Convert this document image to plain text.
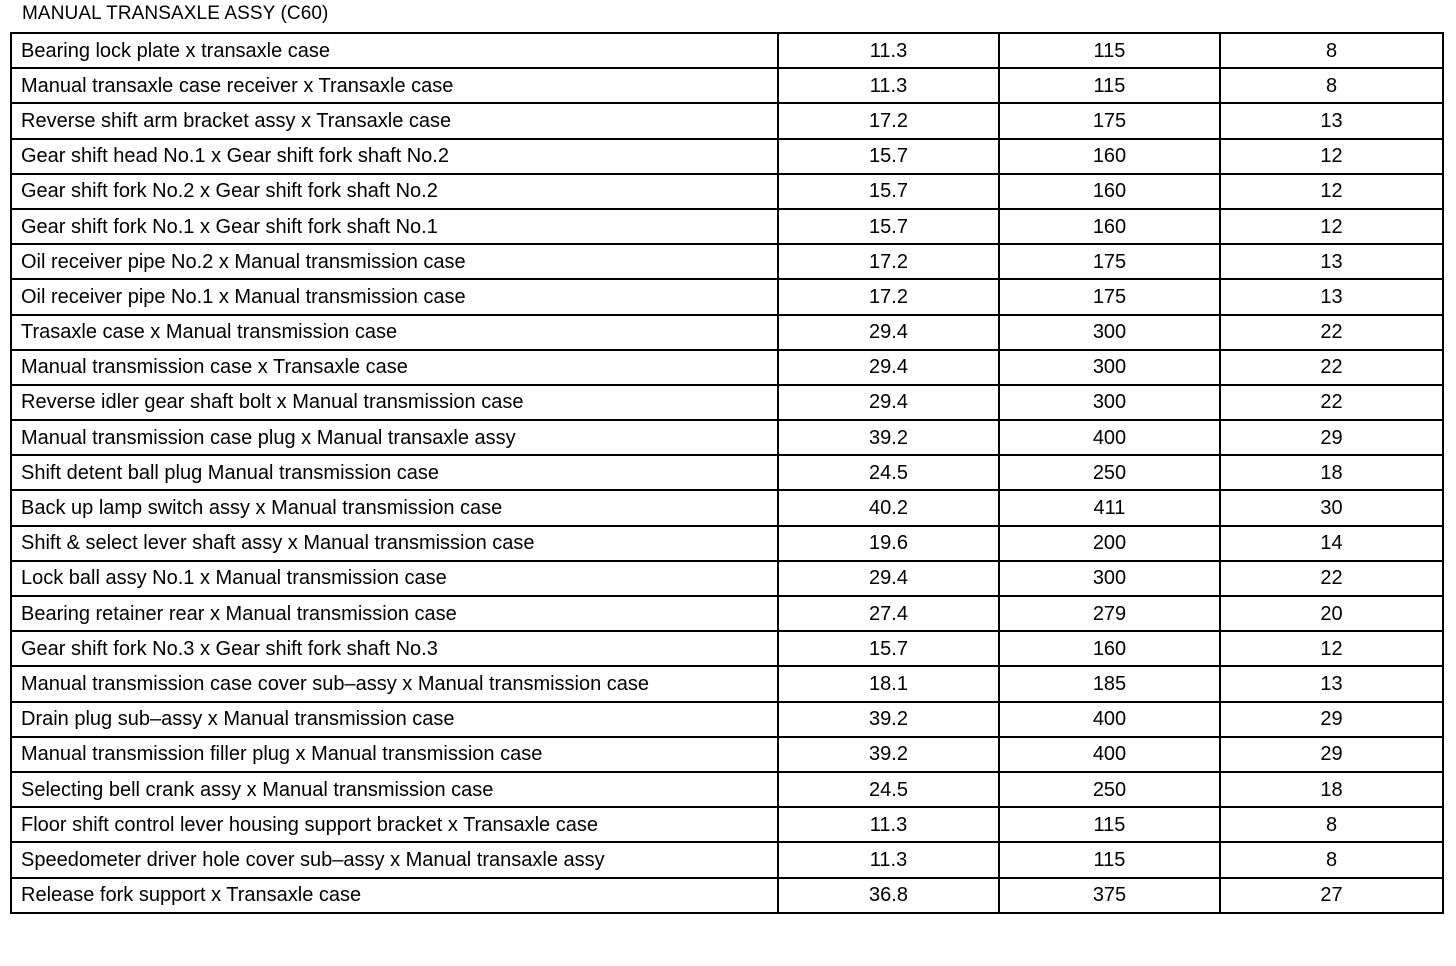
MANUAL TRANSAXLE ASSY (C60)
Bearing lock plate x transaxle case	11.3	115	8
Manual transaxle case receiver x Transaxle case	11.3	115	8
Reverse shift arm bracket assy x Transaxle case	17.2	175	13
Gear shift head No.1 x Gear shift fork shaft No.2	15.7	160	12
Gear shift fork No.2 x Gear shift fork shaft No.2	15.7	160	12
Gear shift fork No.1 x Gear shift fork shaft No.1	15.7	160	12
Oil receiver pipe No.2 x Manual transmission case	17.2	175	13
Oil receiver pipe No.1 x Manual transmission case	17.2	175	13
Trasaxle case x Manual transmission case	29.4	300	22
Manual transmission case x Transaxle case	29.4	300	22
Reverse idler gear shaft bolt x Manual transmission case	29.4	300	22
Manual transmission case plug x Manual transaxle assy	39.2	400	29
Shift detent ball plug Manual transmission case	24.5	250	18
Back up lamp switch assy x Manual transmission case	40.2	411	30
Shift & select lever shaft assy x Manual transmission case	19.6	200	14
Lock ball assy No.1 x Manual transmission case	29.4	300	22
Bearing retainer rear x Manual transmission case	27.4	279	20
Gear shift fork No.3 x Gear shift fork shaft No.3	15.7	160	12
Manual transmission case cover sub–assy x Manual transmission case	18.1	185	13
Drain plug sub–assy x Manual transmission case	39.2	400	29
Manual transmission filler plug x Manual transmission case	39.2	400	29
Selecting bell crank assy x Manual transmission case	24.5	250	18
Floor shift control lever housing support bracket x Transaxle case	11.3	115	8
Speedometer driver hole cover sub–assy x Manual transaxle assy	11.3	115	8
Release fork support x Transaxle case	36.8	375	27
